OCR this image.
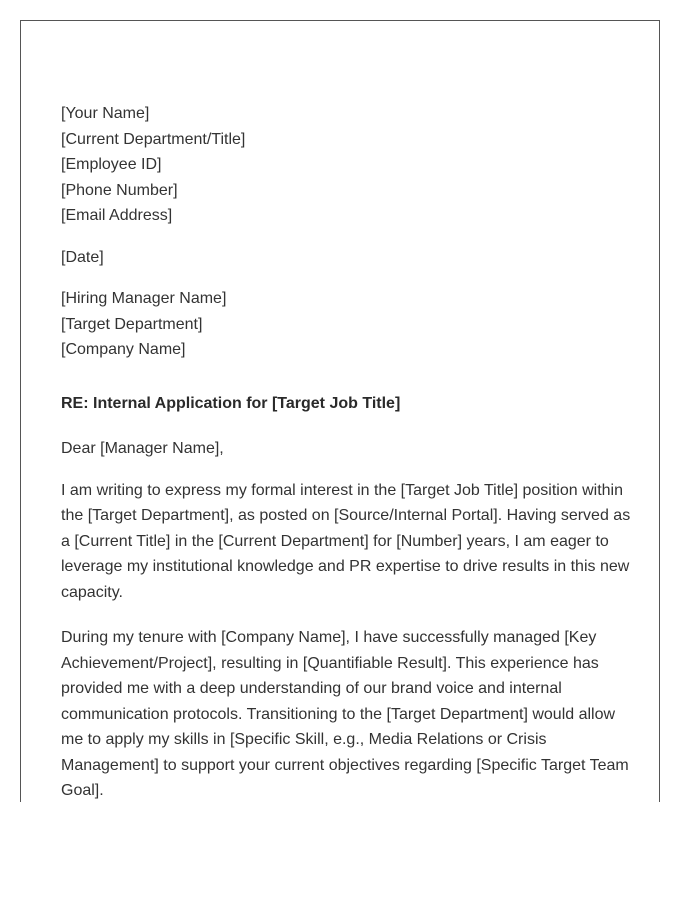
[Your Name]
[Current Department/Title]
[Employee ID]
[Phone Number]
[Email Address]
[Date]
[Hiring Manager Name]
[Target Department]
[Company Name]
RE: Internal Application for [Target Job Title]
Dear [Manager Name],

I am writing to express my formal interest in the [Target Job Title] position within the [Target Department], as posted on [Source/Internal Portal]. Having served as a [Current Title] in the [Current Department] for [Number] years, I am eager to leverage my institutional knowledge and PR expertise to drive results in this new capacity.

During my tenure with [Company Name], I have successfully managed [Key Achievement/Project], resulting in [Quantifiable Result]. This experience has provided me with a deep understanding of our brand voice and internal communication protocols. Transitioning to the [Target Department] would allow me to apply my skills in [Specific Skill, e.g., Media Relations or Crisis Management] to support your current objectives regarding [Specific Target Team Goal].
